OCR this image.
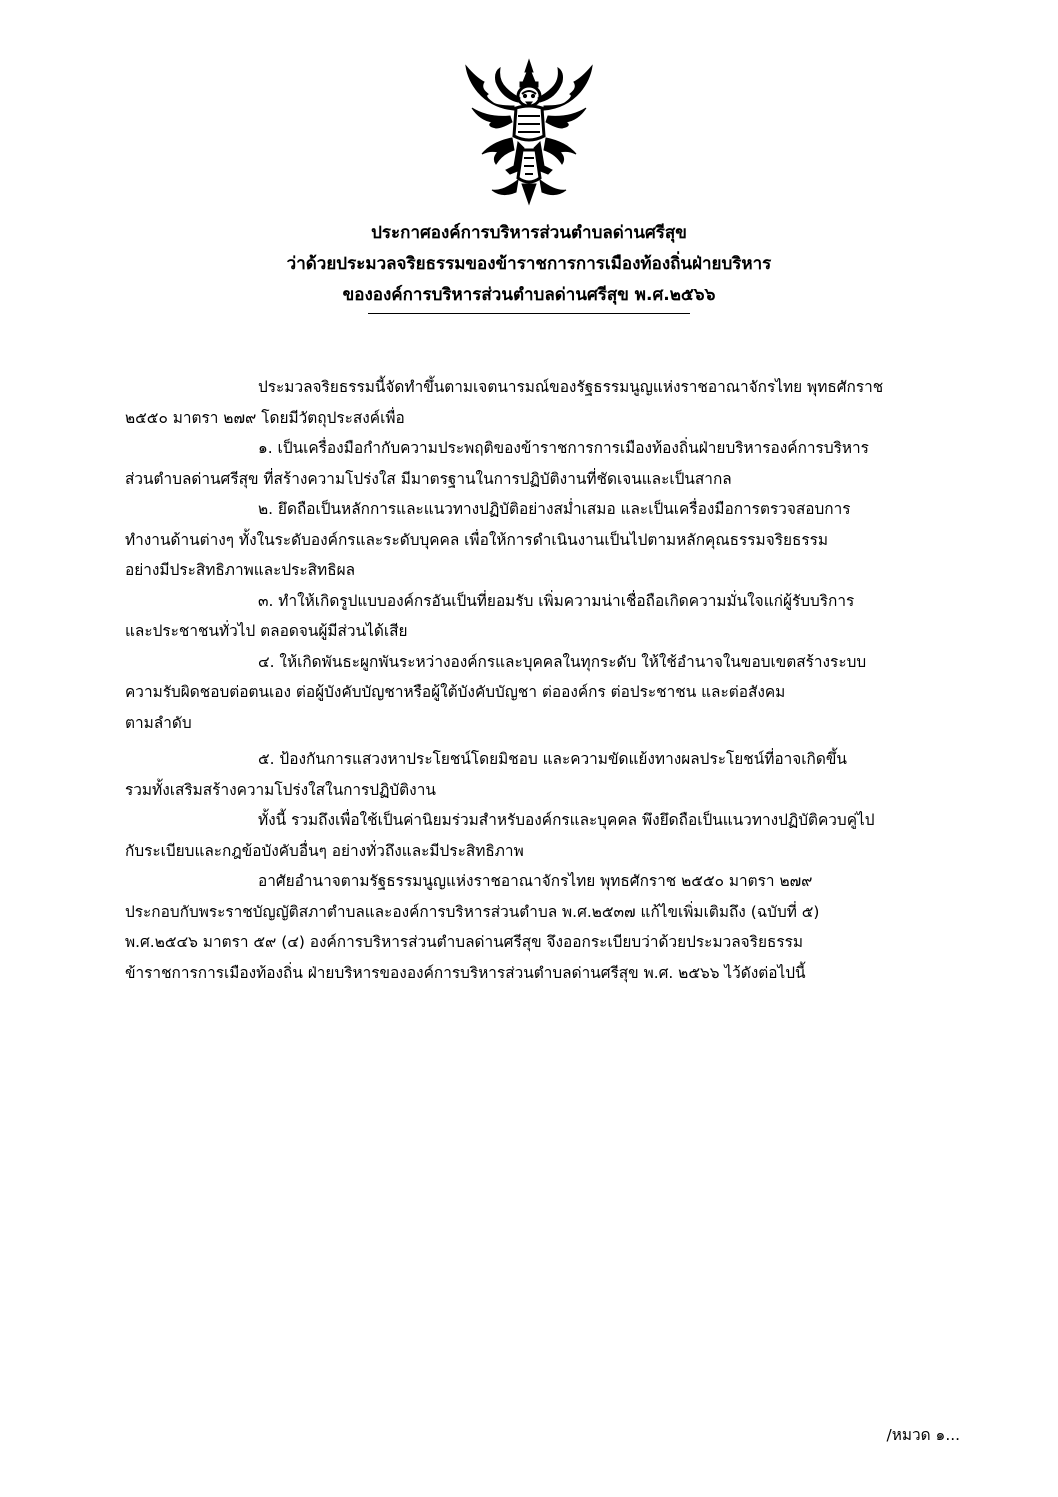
ประกาศองค์การบริหารส่วนตำบลด่านศรีสุข
ว่าด้วยประมวลจริยธรรมของข้าราชการการเมืองท้องถิ่นฝ่ายบริหาร
ขององค์การบริหารส่วนตำบลด่านศรีสุข พ.ศ.๒๕๖๖
ประมวลจริยธรรมนี้จัดทำขึ้นตามเจตนารมณ์ของรัฐธรรมนูญแห่งราชอาณาจักรไทย พุทธศักราช
๒๕๕๐ มาตรา ๒๗๙ โดยมีวัตถุประสงค์เพื่อ
๑. เป็นเครื่องมือกำกับความประพฤติของข้าราชการการเมืองท้องถิ่นฝ่ายบริหารองค์การบริหาร
ส่วนตำบลด่านศรีสุข ที่สร้างความโปร่งใส มีมาตรฐานในการปฏิบัติงานที่ชัดเจนและเป็นสากล
๒. ยึดถือเป็นหลักการและแนวทางปฏิบัติอย่างสม่ำเสมอ และเป็นเครื่องมือการตรวจสอบการ
ทำงานด้านต่างๆ ทั้งในระดับองค์กรและระดับบุคคล เพื่อให้การดำเนินงานเป็นไปตามหลักคุณธรรมจริยธรรม
อย่างมีประสิทธิภาพและประสิทธิผล
๓. ทำให้เกิดรูปแบบองค์กรอันเป็นที่ยอมรับ เพิ่มความน่าเชื่อถือเกิดความมั่นใจแก่ผู้รับบริการ
และประชาชนทั่วไป ตลอดจนผู้มีส่วนได้เสีย
๔. ให้เกิดพันธะผูกพันระหว่างองค์กรและบุคคลในทุกระดับ ให้ใช้อำนาจในขอบเขตสร้างระบบ
ความรับผิดชอบต่อตนเอง ต่อผู้บังคับบัญชาหรือผู้ใต้บังคับบัญชา ต่อองค์กร ต่อประชาชน และต่อสังคม
ตามลำดับ
๕. ป้องกันการแสวงหาประโยชน์โดยมิชอบ และความขัดแย้งทางผลประโยชน์ที่อาจเกิดขึ้น
รวมทั้งเสริมสร้างความโปร่งใสในการปฏิบัติงาน
ทั้งนี้ รวมถึงเพื่อใช้เป็นค่านิยมร่วมสำหรับองค์กรและบุคคล พึงยึดถือเป็นแนวทางปฏิบัติควบคู่ไป
กับระเบียบและกฎข้อบังคับอื่นๆ อย่างทั่วถึงและมีประสิทธิภาพ
อาศัยอำนาจตามรัฐธรรมนูญแห่งราชอาณาจักรไทย พุทธศักราช ๒๕๕๐ มาตรา ๒๗๙
ประกอบกับพระราชบัญญัติสภาตำบลและองค์การบริหารส่วนตำบล พ.ศ.๒๕๓๗ แก้ไขเพิ่มเติมถึง (ฉบับที่ ๕)
พ.ศ.๒๕๔๖ มาตรา ๕๙ (๔) องค์การบริหารส่วนตำบลด่านศรีสุข จึงออกระเบียบว่าด้วยประมวลจริยธรรม
ข้าราชการการเมืองท้องถิ่น ฝ่ายบริหารขององค์การบริหารส่วนตำบลด่านศรีสุข พ.ศ. ๒๕๖๖ ไว้ดังต่อไปนี้
/หมวด ๑...
